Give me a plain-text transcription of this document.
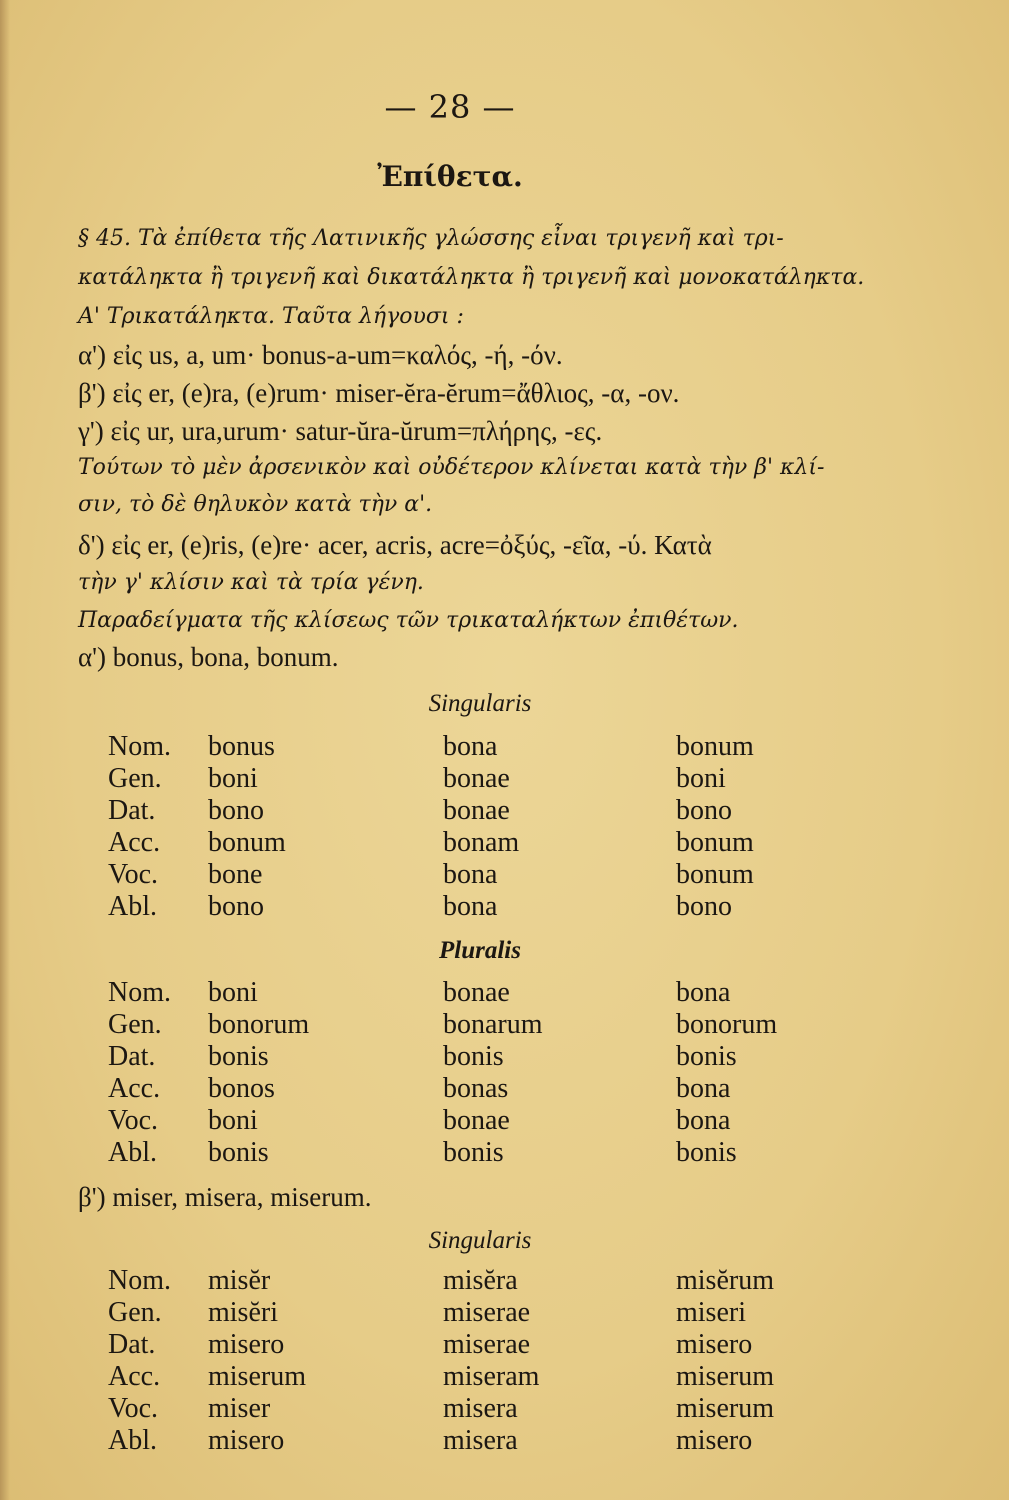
— 28 —
Ἐπίθετα.
§ 45. Τὰ ἐπίθετα τῆς Λατινικῆς γλώσσης εἶναι τριγενῆ καὶ τρι-
κατάληκτα ἢ τριγενῆ καὶ δικατάληκτα ἢ τριγενῆ καὶ μονοκατάληκτα.
Α' Τρικατάληκτα. Ταῦτα λήγουσι :
α') εἰς us, a, um· bonus-a-um=καλός, -ή, -όν.
β') εἰς er, (e)ra, (e)rum· miser-ĕra-ĕrum=ἄθλιος, -α, -ον.
γ') εἰς ur, ura,urum· satur-ŭra-ŭrum=πλήρης, -ες.
Τούτων τὸ μὲν ἀρσενικὸν καὶ οὐδέτερον κλίνεται κατὰ τὴν β' κλί-
σιν, τὸ δὲ θηλυκὸν κατὰ τὴν α'.
δ') εἰς er, (e)ris, (e)re· acer, acris, acre=ὀξύς, -εῖα, -ύ. Κατὰ
τὴν γ' κλίσιν καὶ τὰ τρία γένη.
Παραδείγματα τῆς κλίσεως τῶν τρικαταλήκτων ἐπιθέτων.
α') bonus, bona, bonum.
Singularis
Nom. bonus	bona	bonum
Gen. boni	bonae	boni
Dat. bono	bonae	bono
Acc. bonum	bonam	bonum
Voc. bone	bona	bonum
Abl. bono	bona	bono
Pluralis
Nom. boni	bonae	bona
Gen. bonorum	bonarum	bonorum
Dat. bonis	bonis	bonis
Acc. bonos	bonas	bona
Voc. boni	bonae	bona
Abl. bonis	bonis	bonis
β') miser, misera, miserum.
Singularis
Nom. misĕr	misĕra	misĕrum
Gen. misĕri	miserae	miseri
Dat. misero	miserae	misero
Acc. miserum	miseram	miserum
Voc. miser	misera	miserum
Abl. misero	misera	misero
